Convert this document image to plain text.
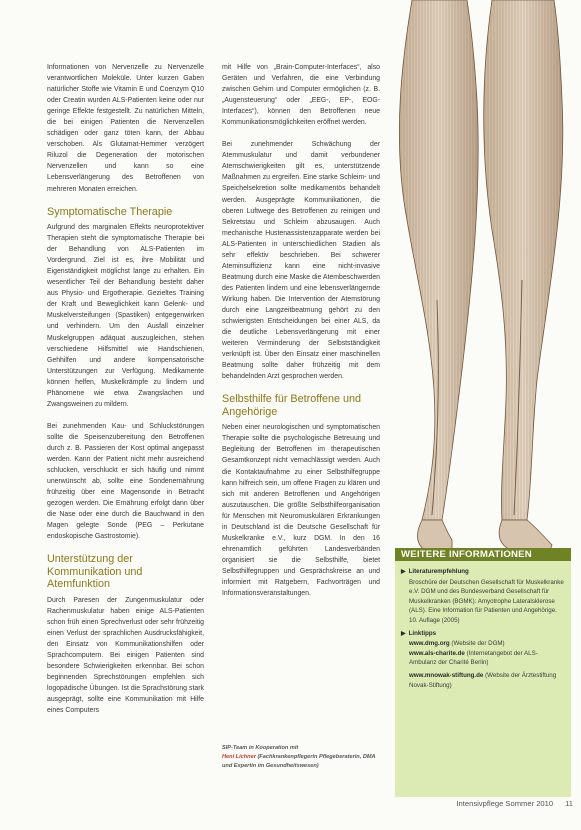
Informationen von Nervenzelle zu Nervenzelle verantwortlichen Moleküle. Unter kurzen Gaben natürlicher Stoffe wie Vitamin E und Coenzym Q10 oder Creatin wurden ALS-Patienten keine oder nur geringe Effekte festgestellt. Zu natürlichen Mitteln, die bei einigen Patienten die Nervenzellen schädigen oder ganz töten kann, der Abbau verschoben. Als Glutamat-Hemmer verzögert Riluzol die Degeneration der motorischen Nervenzellen und kann so eine Lebensverlängerung des Betroffenen von mehreren Monaten erreichen.

Symptomatische Therapie

Aufgrund des marginalen Effekts neuroprotektiver Therapien steht die symptomatische Therapie bei der Behandlung von ALS-Patienten im Vordergrund. Ziel ist es, ihre Mobilität und Eigenständigkeit möglichst lange zu erhalten. Ein wesentlicher Teil der Behandlung besteht daher aus Physio- und Ergotherapie. Gezieltes Training der Kraft und Beweglichkeit kann Gelenk- und Muskelversteifungen (Spastiken) entgegenwirken und verhindern. Um den Ausfall einzelner Muskelgruppen adäquat auszugleichen, stehen verschiedene Hilfsmittel wie Handschienen, Gehhilfen und andere kompensatorische Unterstützungen zur Verfügung. Medikamente können helfen, Muskelkrämpfe zu lindern und Phänomene wie etwa Zwangslachen und Zwangsweinen zu mildern.

Bei zunehmenden Kau- und Schluckstörungen sollte die Speisenzubereitung den Betroffenen durch z. B. Passieren der Kost optimal angepasst werden. Kann der Patient nicht mehr ausreichend schlucken, verschluckt er sich häufig und nimmt unerwünscht ab, sollte eine Sondenernährung frühzeitig über eine Magensonde in Betracht gezogen werden. Die Ernährung erfolgt dann über die Nase oder eine durch die Bauchwand in den Magen gelegte Sonde (PEG – Perkutane endoskopische Gastrostomie).

Unterstützung der Kommunikation und Atemfunktion

Durch Paresen der Zungenmuskulatur oder Rachenmuskulatur haben einige ALS-Patienten schon früh einen Sprechverlust oder sehr frühzeitig einen Verlust der sprachlichen Ausdrucksfähigkeit, den Einsatz von Kommunikationshilfen oder Sprachcomputern. Bei einigen Patienten sind besondere Schwierigkeiten erkennbar. Bei schon beginnenden Sprechstörungen empfehlen sich logopädische Übungen. Ist die Sprachstörung stark ausgeprägt, sollte eine Kommunikation mit Hilfe eines Computers

mit Hilfe von „Brain-Computer-Interfaces“, also Geräten und Verfahren, die eine Verbindung zwischen Gehirn und Computer ermöglichen (z. B. „Augensteuerung“ oder „EEG-, EP-, EOG-Interfaces“), können den Betroffenen neue Kommunikationsmöglichkeiten eröffnet werden.

Bei zunehmender Schwächung der Atemmuskulatur und damit verbundener Atemschwierigkeiten gilt es, unterstützende Maßnahmen zu ergreifen. Eine starke Schleim- und Speichelsekretion sollte medikamentös behandelt werden. Ausgeprägte Kommunikationen, die oberen Luftwege des Betroffenen zu reinigen und Sekretstau und Schleim abzusaugen. Auch mechanische Hustenassistenzapparate werden bei ALS-Patienten in unterschiedlichen Stadien als sehr effektiv beschrieben. Bei schwerer Ateminsuffizienz kann eine nicht-invasive Beatmung durch eine Maske die Atembeschwerden des Patienten lindern und eine lebensverlängernde Wirkung haben. Die Intervention der Atemstörung durch eine Langzeitbeatmung gehört zu den schwierigsten Entscheidungen bei einer ALS, da die deutliche Lebensverlängerung mit einer weiteren Verminderung der Selbstständigkeit verknüpft ist. Über den Einsatz einer maschinellen Beatmung sollte daher frühzeitig mit dem behandelnden Arzt gesprochen werden.

Selbsthilfe für Betroffene und Angehörige

Neben einer neurologischen und symptomatischen Therapie sollte die psychologische Betreuung und Begleitung der Betroffenen im therapeutischen Gesamtkonzept nicht vernachlässigt werden. Auch die Kontaktaufnahme zu einer Selbsthilfegruppe kann hilfreich sein, um offene Fragen zu klären und sich mit anderen Betroffenen und Angehörigen auszutauschen. Die größte Selbsthilfeorganisation für Menschen mit Neuromuskulären Erkrankungen in Deutschland ist die Deutsche Gesellschaft für Muskelkranke e.V., kurz DGM. In den 16 ehrenamtlich geführten Landesverbänden organisiert sie die Selbsthilfe, bietet Selbsthilfegruppen und Gesprächskreise an und informiert mit Ratgebern, Fachvorträgen und Informationsveranstaltungen.

SIP-Team in Kooperation mit
Heni Lichner (Fachkrankenpflegerin Pflegeberaterin, DMA und Expertin im Gesundheitswesen)
WEITERE INFORMATIONEN
▶ Literaturempfehlung
Broschüre der Deutschen Gesellschaft für Muskelkranke e.V. DGM und des Bundesverband Gesellschaft für Muskelkranken (BGMK): Amyotrophe Lateralsklerose (ALS). Eine Information für Patienten und Angehörige. 10. Auflage (2005)
▶ Linktipps
www.dmg.org (Website der DGM)
www.als-charite.de (Internetangebot der ALS-Ambulanz der Charité Berlin)
www.mnowak-stiftung.de (Website der Ärztestiftung Novak-Stiftung)
Intensivpflege Sommer 2010 11
